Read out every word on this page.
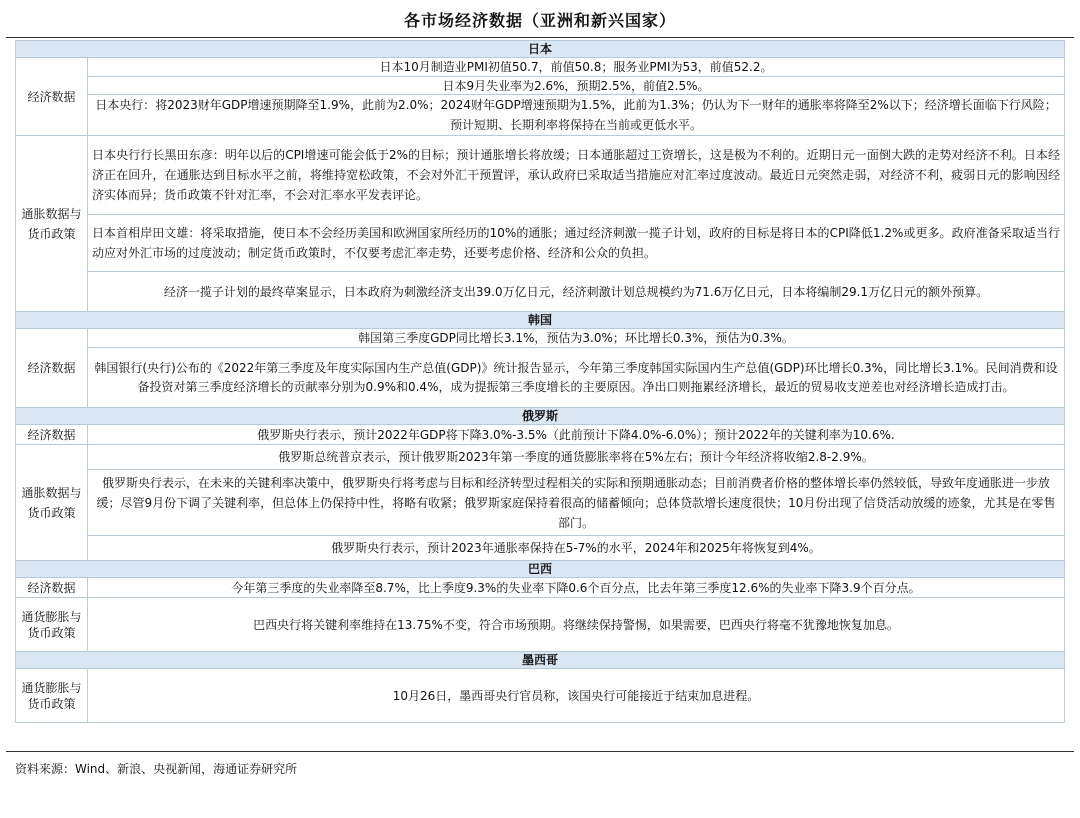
各市场经济数据（亚洲和新兴国家）
日本	
经济数据	日本10月制造业PMI初值50.7，前值50.8；服务业PMI为53，前值52.2。
	日本9月失业率为2.6%，预期2.5%，前值2.5%。
	日本央行：将2023财年GDP增速预期降至1.9%，此前为2.0%；2024财年GDP增速预期为1.5%，此前为1.3%；仍认为下一财年的通胀率将降至2%以下；经济增长面临下行风险；预计短期、长期利率将保持在当前或更低水平。
通胀数据与货币政策	日本央行行长黑田东彦：明年以后的CPI增速可能会低于2%的目标；预计通胀增长将放缓；日本通胀超过工资增长，这是极为不利的。近期日元一面倒大跌的走势对经济不利。日本经济正在回升，在通胀达到目标水平之前，将维持宽松政策，不会对外汇干预置评，承认政府已采取适当措施应对汇率过度波动。最近日元突然走弱，对经济不利，疲弱日元的影响因经济实体而异；货币政策不针对汇率，不会对汇率水平发表评论。
	日本首相岸田文雄：将采取措施，使日本不会经历美国和欧洲国家所经历的10%的通胀；通过经济刺激一揽子计划，政府的目标是将日本的CPI降低1.2%或更多。政府准备采取适当行动应对外汇市场的过度波动；制定货币政策时，不仅要考虑汇率走势，还要考虑价格、经济和公众的负担。
	经济一揽子计划的最终草案显示，日本政府为刺激经济支出39.0万亿日元，经济刺激计划总规模约为71.6万亿日元，日本将编制29.1万亿日元的额外预算。
韩国	
经济数据	韩国第三季度GDP同比增长3.1%，预估为3.0%；环比增长0.3%，预估为0.3%。
	韩国银行(央行)公布的《2022年第三季度及年度实际国内生产总值(GDP)》统计报告显示，今年第三季度韩国实际国内生产总值(GDP)环比增长0.3%，同比增长3.1%。民间消费和设备投资对第三季度经济增长的贡献率分别为0.9%和0.4%，成为提振第三季度增长的主要原因。净出口则拖累经济增长，最近的贸易收支逆差也对经济增长造成打击。
俄罗斯	
经济数据	俄罗斯央行表示，预计2022年GDP将下降3.0%-3.5%（此前预计下降4.0%-6.0%）；预计2022年的关键利率为10.6%.
通胀数据与货币政策	俄罗斯总统普京表示，预计俄罗斯2023年第一季度的通货膨胀率将在5%左右；预计今年经济将收缩2.8-2.9%。
	俄罗斯央行表示，在未来的关键利率决策中，俄罗斯央行将考虑与目标和经济转型过程相关的实际和预期通胀动态；目前消费者价格的整体增长率仍然较低，导致年度通胀进一步放缓；尽管9月份下调了关键利率，但总体上仍保持中性，将略有收紧；俄罗斯家庭保持着很高的储蓄倾向；总体贷款增长速度很快；10月份出现了信贷活动放缓的迹象，尤其是在零售部门。
	俄罗斯央行表示，预计2023年通胀率保持在5-7%的水平，2024年和2025年将恢复到4%。
巴西	
经济数据	今年第三季度的失业率降至8.7%，比上季度9.3%的失业率下降0.6个百分点，比去年第三季度12.6%的失业率下降3.9个百分点。
通货膨胀与货币政策	巴西央行将关键利率维持在13.75%不变，符合市场预期。将继续保持警惕，如果需要，巴西央行将毫不犹豫地恢复加息。
墨西哥	
通货膨胀与货币政策	10月26日，墨西哥央行官员称，该国央行可能接近于结束加息进程。
资料来源：Wind、新浪、央视新闻，海通证券研究所
